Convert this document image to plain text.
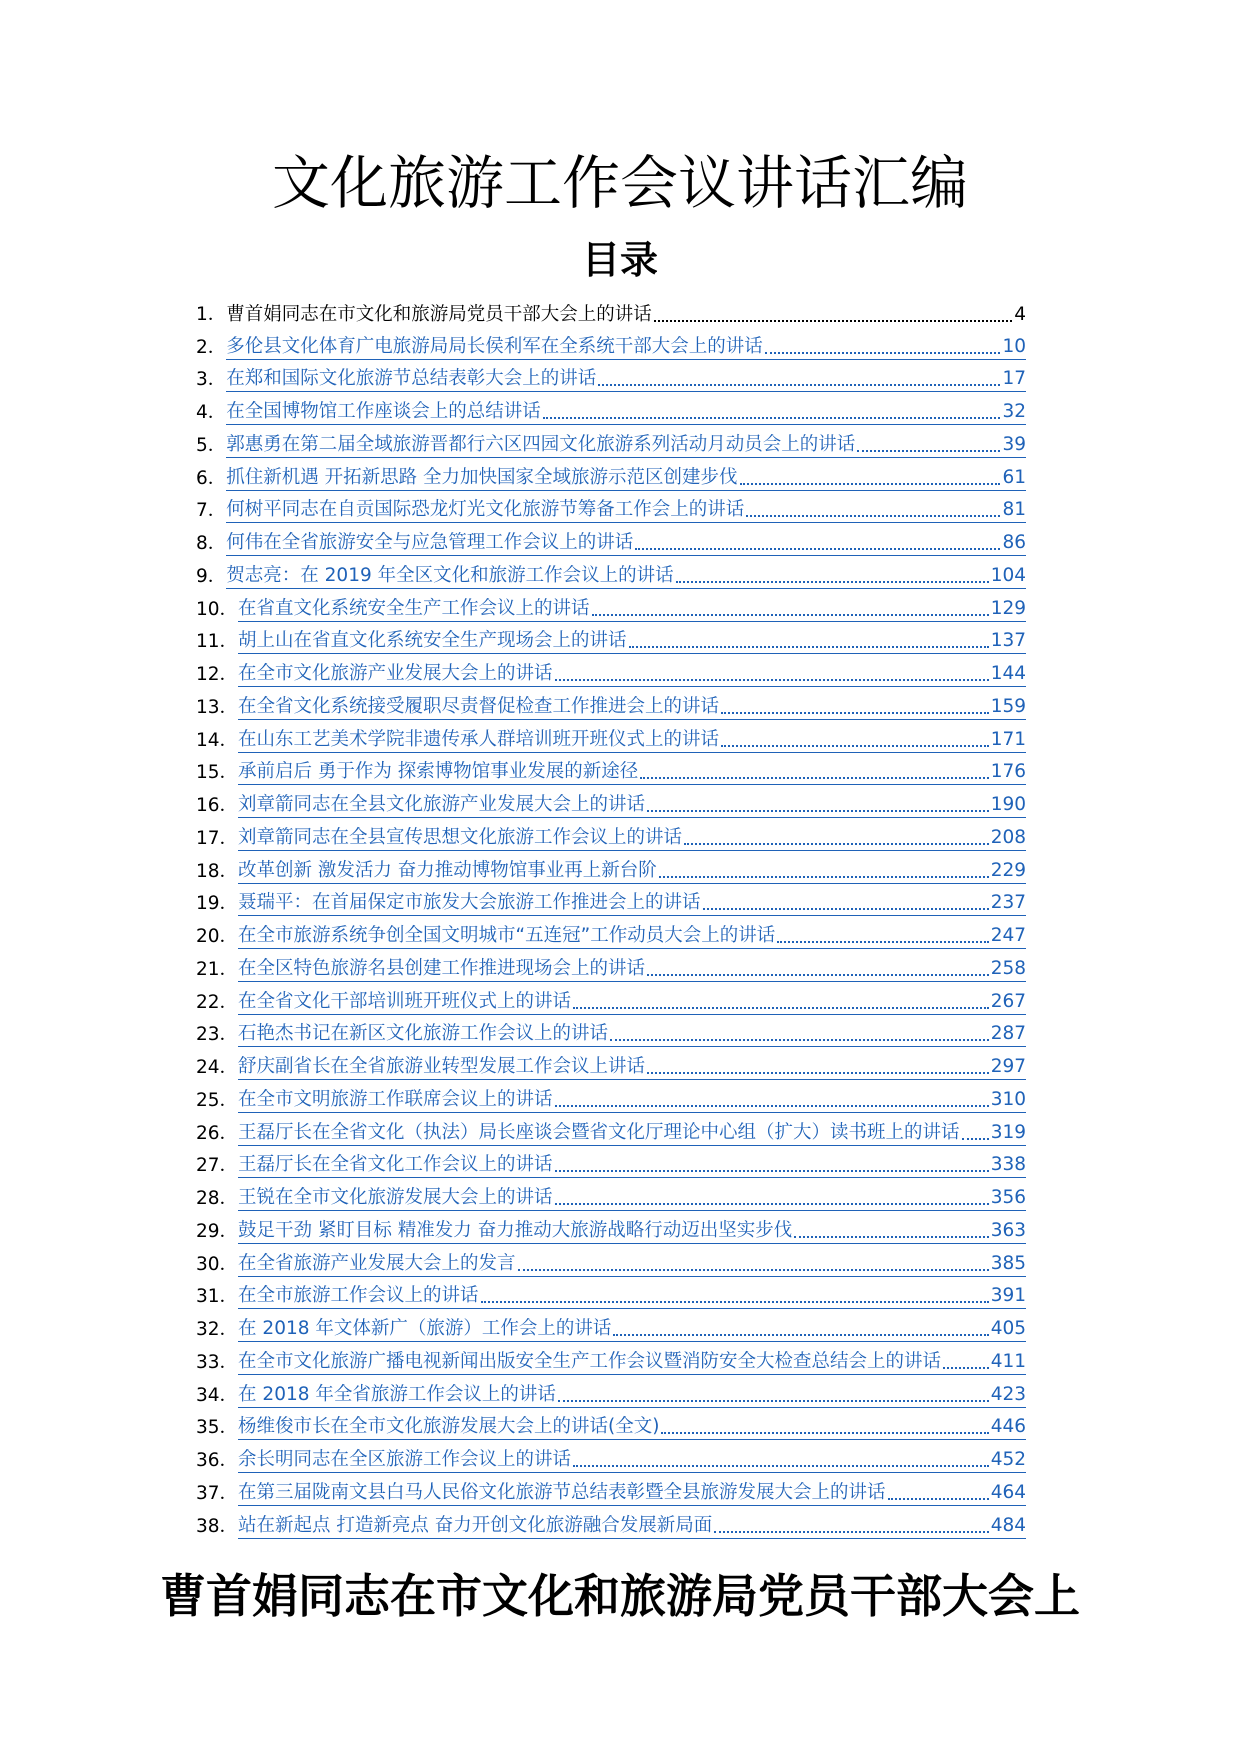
文化旅游工作会议讲话汇编
目录
1． 曹首娟同志在市文化和旅游局党员干部大会上的讲话	4
2． 多伦县文化体育广电旅游局局长侯利军在全系统干部大会上的讲话	10
3． 在郑和国际文化旅游节总结表彰大会上的讲话	17
4． 在全国博物馆工作座谈会上的总结讲话	32
5． 郭惠勇在第二届全域旅游晋都行六区四园文化旅游系列活动月动员会上的讲话	39
6． 抓住新机遇 开拓新思路 全力加快国家全域旅游示范区创建步伐	61
7． 何树平同志在自贡国际恐龙灯光文化旅游节筹备工作会上的讲话	81
8． 何伟在全省旅游安全与应急管理工作会议上的讲话	86
9． 贺志亮：在 2019 年全区文化和旅游工作会议上的讲话	104
10． 在省直文化系统安全生产工作会议上的讲话	129
11． 胡上山在省直文化系统安全生产现场会上的讲话	137
12． 在全市文化旅游产业发展大会上的讲话	144
13． 在全省文化系统接受履职尽责督促检查工作推进会上的讲话	159
14． 在山东工艺美术学院非遗传承人群培训班开班仪式上的讲话	171
15． 承前启后 勇于作为 探索博物馆事业发展的新途径	176
16． 刘章箭同志在全县文化旅游产业发展大会上的讲话	190
17． 刘章箭同志在全县宣传思想文化旅游工作会议上的讲话	208
18． 改革创新 激发活力 奋力推动博物馆事业再上新台阶	229
19． 聂瑞平：在首届保定市旅发大会旅游工作推进会上的讲话	237
20． 在全市旅游系统争创全国文明城市“五连冠”工作动员大会上的讲话	247
21． 在全区特色旅游名县创建工作推进现场会上的讲话	258
22． 在全省文化干部培训班开班仪式上的讲话	267
23． 石艳杰书记在新区文化旅游工作会议上的讲话	287
24． 舒庆副省长在全省旅游业转型发展工作会议上讲话	297
25． 在全市文明旅游工作联席会议上的讲话	310
26． 王磊厅长在全省文化（执法）局长座谈会暨省文化厅理论中心组（扩大）读书班上的讲话 319
27． 王磊厅长在全省文化工作会议上的讲话	338
28． 王锐在全市文化旅游发展大会上的讲话	356
29． 鼓足干劲 紧盯目标 精准发力 奋力推动大旅游战略行动迈出坚实步伐	363
30． 在全省旅游产业发展大会上的发言	385
31． 在全市旅游工作会议上的讲话	391
32． 在 2018 年文体新广（旅游）工作会上的讲话	405
33． 在全市文化旅游广播电视新闻出版安全生产工作会议暨消防安全大检查总结会上的讲话	411
34． 在 2018 年全省旅游工作会议上的讲话	423
35． 杨维俊市长在全市文化旅游发展大会上的讲话(全文)	446
36． 余长明同志在全区旅游工作会议上的讲话	452
37． 在第三届陇南文县白马人民俗文化旅游节总结表彰暨全县旅游发展大会上的讲话	464
38． 站在新起点 打造新亮点 奋力开创文化旅游融合发展新局面	484
曹首娟同志在市文化和旅游局党员干部大会上
